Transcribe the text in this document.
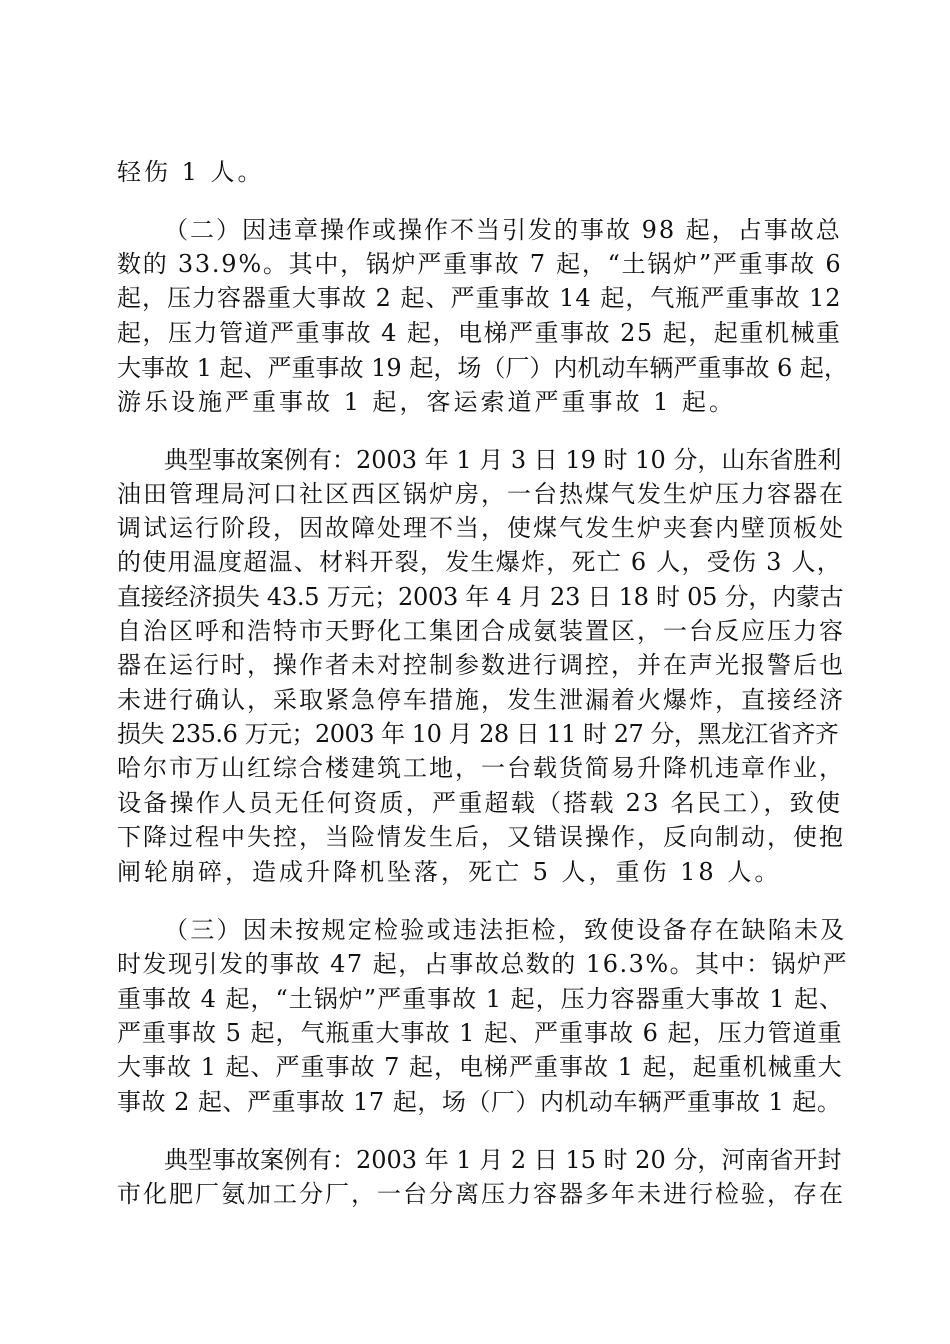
轻伤 1 人。
（二）因违章操作或操作不当引发的事故 98 起，占事故总
数的 33.9%。其中，锅炉严重事故 7 起，“土锅炉”严重事故 6
起，压力容器重大事故 2 起、严重事故 14 起，气瓶严重事故 12
起，压力管道严重事故 4 起，电梯严重事故 25 起，起重机械重
大事故 1 起、严重事故 19 起，场（厂）内机动车辆严重事故 6 起，
游乐设施严重事故 1 起，客运索道严重事故 1 起。
典型事故案例有：2003 年 1 月 3 日 19 时 10 分，山东省胜利
油田管理局河口社区西区锅炉房，一台热煤气发生炉压力容器在
调试运行阶段，因故障处理不当，使煤气发生炉夹套内壁顶板处
的使用温度超温、材料开裂，发生爆炸，死亡 6 人，受伤 3 人，
直接经济损失 43.5 万元；2003 年 4 月 23 日 18 时 05 分，内蒙古
自治区呼和浩特市天野化工集团合成氨装置区，一台反应压力容
器在运行时，操作者未对控制参数进行调控，并在声光报警后也
未进行确认，采取紧急停车措施，发生泄漏着火爆炸，直接经济
损失 235.6 万元；2003 年 10 月 28 日 11 时 27 分，黑龙江省齐齐
哈尔市万山红综合楼建筑工地，一台载货简易升降机违章作业，
设备操作人员无任何资质，严重超载（搭载 23 名民工），致使
下降过程中失控，当险情发生后，又错误操作，反向制动，使抱
闸轮崩碎，造成升降机坠落，死亡 5 人，重伤 18 人。
（三）因未按规定检验或违法拒检，致使设备存在缺陷未及
时发现引发的事故 47 起，占事故总数的 16.3%。其中：锅炉严
重事故 4 起，“土锅炉”严重事故 1 起，压力容器重大事故 1 起、
严重事故 5 起，气瓶重大事故 1 起、严重事故 6 起，压力管道重
大事故 1 起、严重事故 7 起，电梯严重事故 1 起，起重机械重大
事故 2 起、严重事故 17 起，场（厂）内机动车辆严重事故 1 起。
典型事故案例有：2003 年 1 月 2 日 15 时 20 分，河南省开封
市化肥厂氨加工分厂，一台分离压力容器多年未进行检验，存在
